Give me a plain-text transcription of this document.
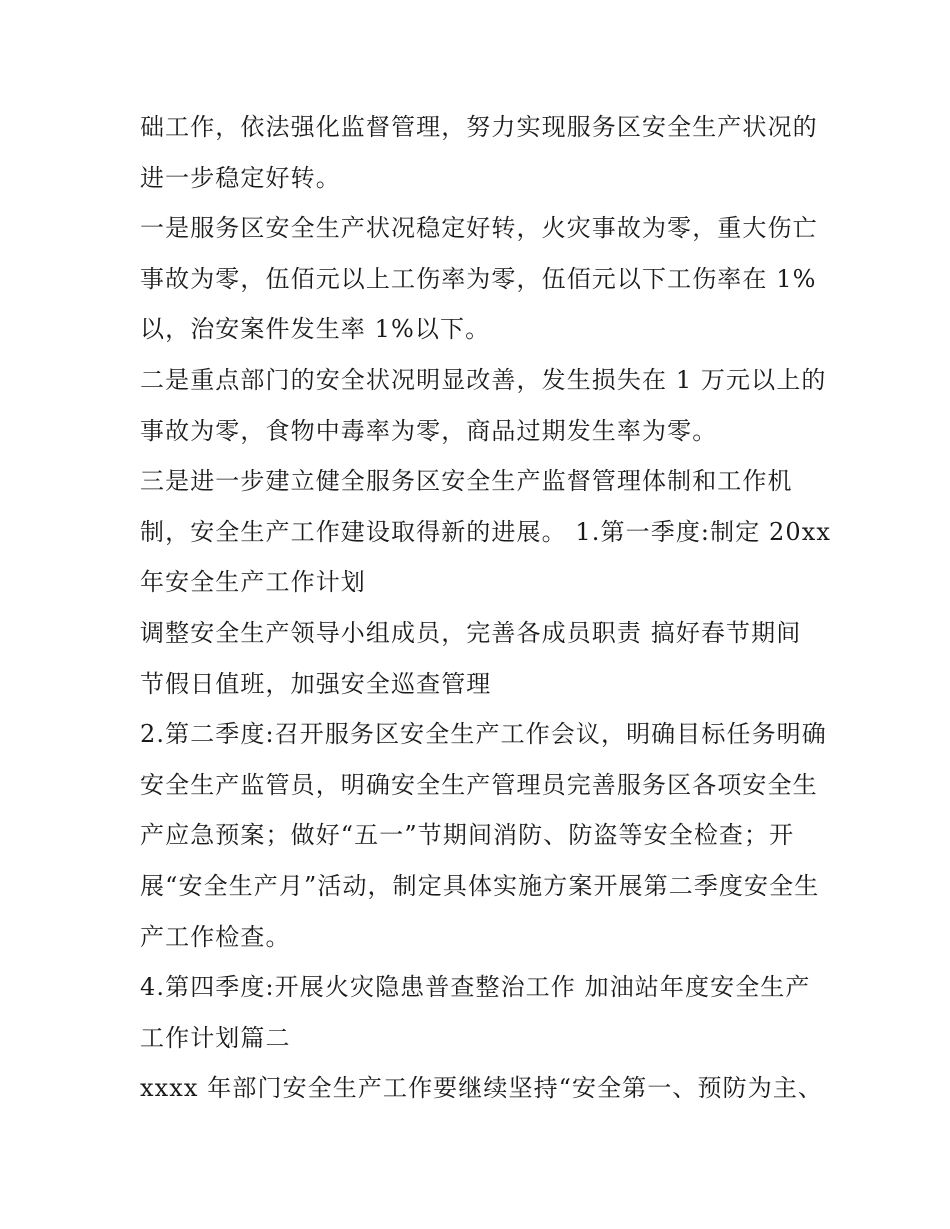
础工作，依法强化监督管理，努力实现服务区安全生产状况的
进一步稳定好转。
一是服务区安全生产状况稳定好转，火灾事故为零，重大伤亡
事故为零，伍佰元以上工伤率为零，伍佰元以下工伤率在 1%
以，治安案件发生率 1%以下。
二是重点部门的安全状况明显改善，发生损失在 1 万元以上的
事故为零，食物中毒率为零，商品过期发生率为零。
三是进一步建立健全服务区安全生产监督管理体制和工作机
制，安全生产工作建设取得新的进展。 1.第一季度:制定 20xx
年安全生产工作计划
调整安全生产领导小组成员，完善各成员职责 搞好春节期间
节假日值班，加强安全巡查管理
2.第二季度:召开服务区安全生产工作会议，明确目标任务明确
安全生产监管员，明确安全生产管理员完善服务区各项安全生
产应急预案；做好“五一”节期间消防、防盗等安全检查；开
展“安全生产月”活动，制定具体实施方案开展第二季度安全生
产工作检查。
4.第四季度:开展火灾隐患普查整治工作 加油站年度安全生产
工作计划篇二
xxxx 年部门安全生产工作要继续坚持“安全第一、预防为主、
